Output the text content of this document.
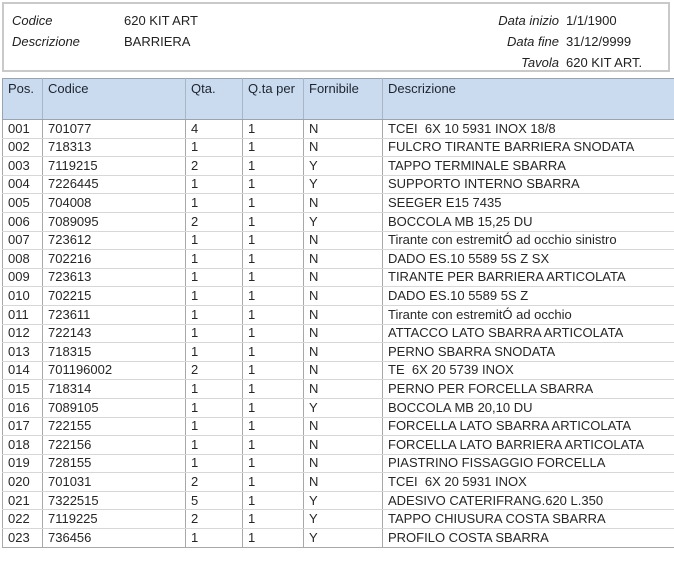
Codice	620 KIT ART
Descrizione	BARRIERA
Data inizio 1/1/1900
Data fine 31/12/9999
Tavola 620 KIT ART.
Pos.	Codice	Qta.	Q.ta per	Fornibile	Descrizione
001	701077	4	1	N	TCEI  6X 10 5931 INOX 18/8
002	718313	1	1	N	FULCRO TIRANTE BARRIERA SNODATA
003	7119215	2	1	Y	TAPPO TERMINALE SBARRA
004	7226445	1	1	Y	SUPPORTO INTERNO SBARRA
005	704008	1	1	N	SEEGER E15 7435
006	7089095	2	1	Y	BOCCOLA MB 15,25 DU
007	723612	1	1	N	Tirante con estremitÓ ad occhio sinistro
008	702216	1	1	N	DADO ES.10 5589 5S Z SX
009	723613	1	1	N	TIRANTE PER BARRIERA ARTICOLATA
010	702215	1	1	N	DADO ES.10 5589 5S Z
011	723611	1	1	N	Tirante con estremitÓ ad occhio
012	722143	1	1	N	ATTACCO LATO SBARRA ARTICOLATA
013	718315	1	1	N	PERNO SBARRA SNODATA
014	701196002	2	1	N	TE  6X 20 5739 INOX
015	718314	1	1	N	PERNO PER FORCELLA SBARRA
016	7089105	1	1	Y	BOCCOLA MB 20,10 DU
017	722155	1	1	N	FORCELLA LATO SBARRA ARTICOLATA
018	722156	1	1	N	FORCELLA LATO BARRIERA ARTICOLATA
019	728155	1	1	N	PIASTRINO FISSAGGIO FORCELLA
020	701031	2	1	N	TCEI  6X 20 5931 INOX
021	7322515	5	1	Y	ADESIVO CATERIFRANG.620 L.350
022	7119225	2	1	Y	TAPPO CHIUSURA COSTA SBARRA
023	736456	1	1	Y	PROFILO COSTA SBARRA
